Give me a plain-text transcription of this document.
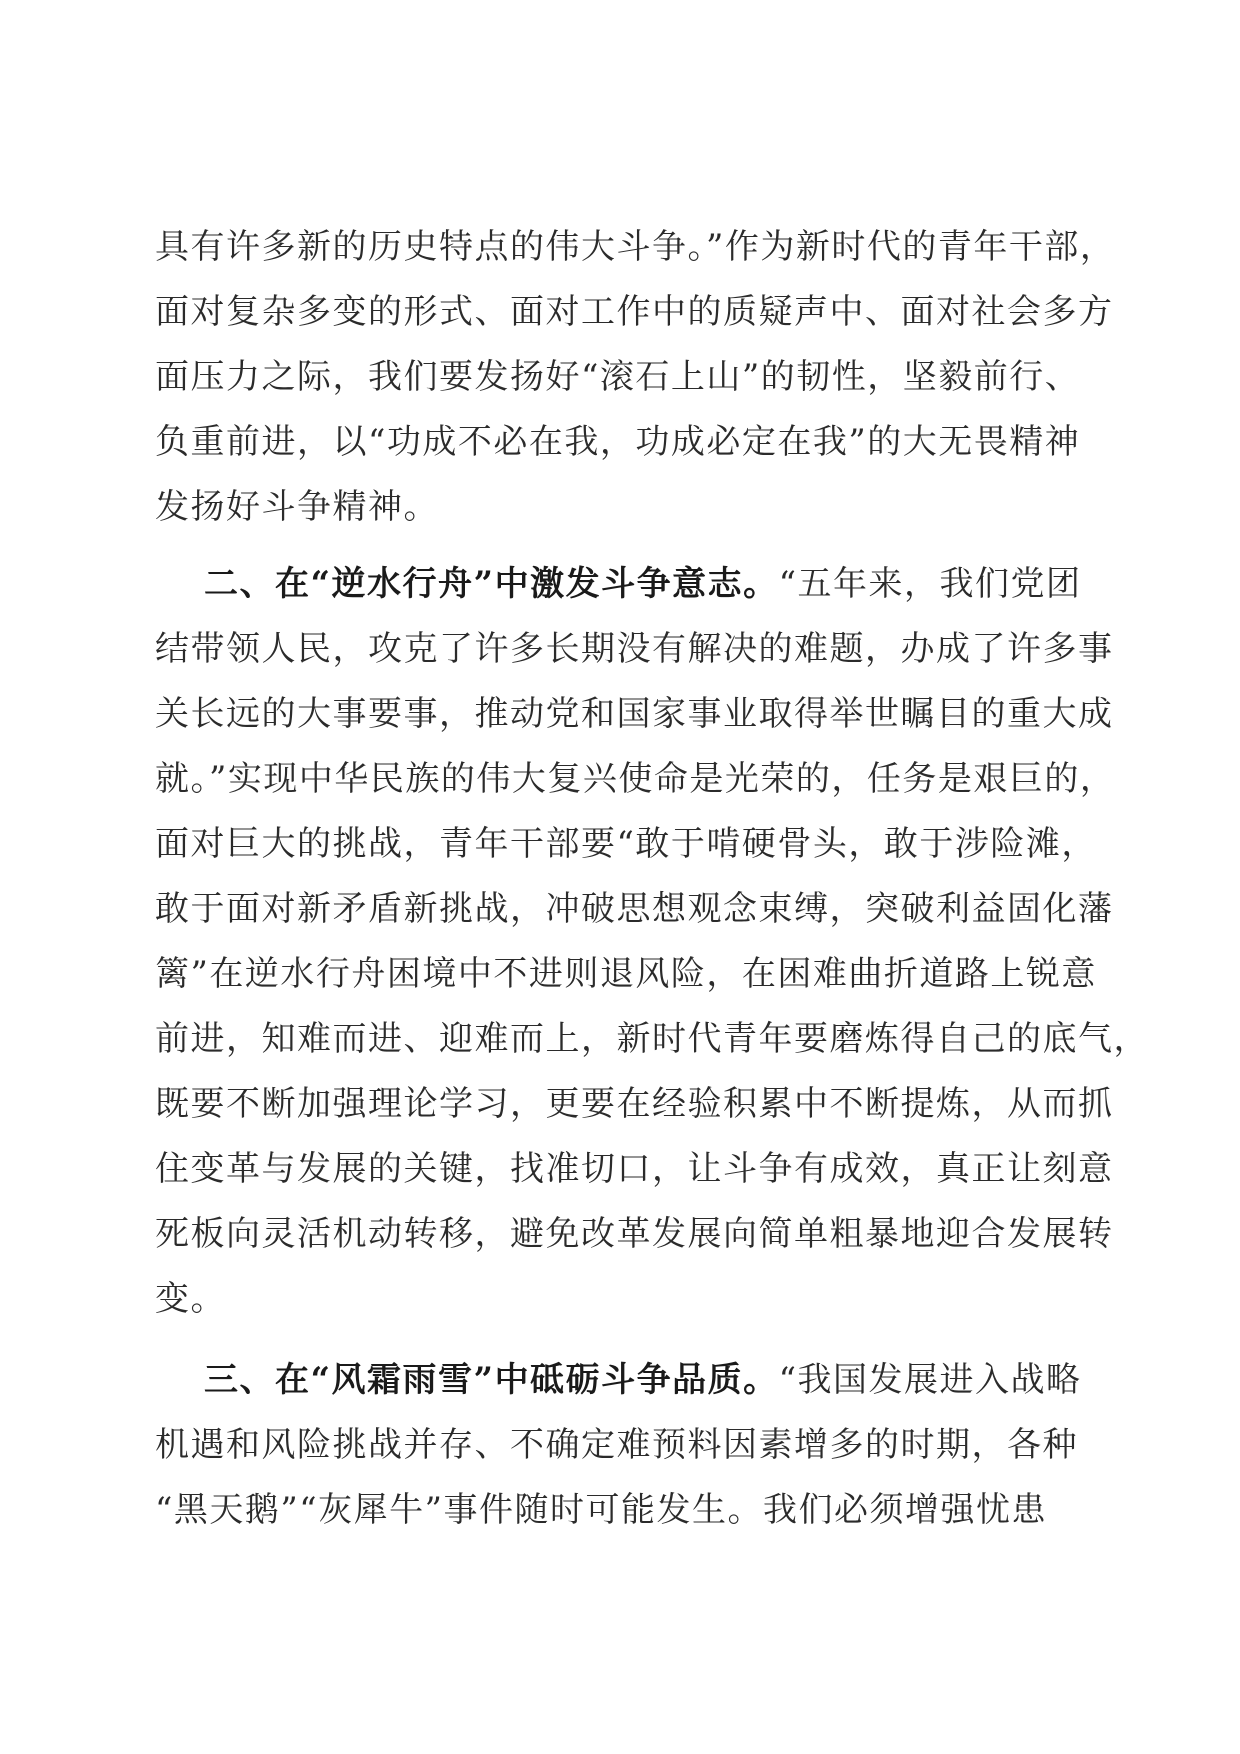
具有许多新的历史特点的伟大斗争。”作为新时代的青年干部，
面对复杂多变的形式、面对工作中的质疑声中、面对社会多方
面压力之际，我们要发扬好“滚石上山”的韧性，坚毅前行、
负重前进，以“功成不必在我，功成必定在我”的大无畏精神
发扬好斗争精神。
二、在“逆水行舟”中激发斗争意志。“五年来，我们党团
结带领人民，攻克了许多长期没有解决的难题，办成了许多事
关长远的大事要事，推动党和国家事业取得举世瞩目的重大成
就。”实现中华民族的伟大复兴使命是光荣的，任务是艰巨的，
面对巨大的挑战，青年干部要“敢于啃硬骨头，敢于涉险滩，
敢于面对新矛盾新挑战，冲破思想观念束缚，突破利益固化藩
篱”在逆水行舟困境中不进则退风险，在困难曲折道路上锐意
前进，知难而进、迎难而上，新时代青年要磨炼得自己的底气，
既要不断加强理论学习，更要在经验积累中不断提炼，从而抓
住变革与发展的关键，找准切口，让斗争有成效，真正让刻意
死板向灵活机动转移，避免改革发展向简单粗暴地迎合发展转
变。
三、在“风霜雨雪”中砥砺斗争品质。“我国发展进入战略
机遇和风险挑战并存、不确定难预料因素增多的时期，各种
“黑天鹅”“灰犀牛”事件随时可能发生。我们必须增强忧患
